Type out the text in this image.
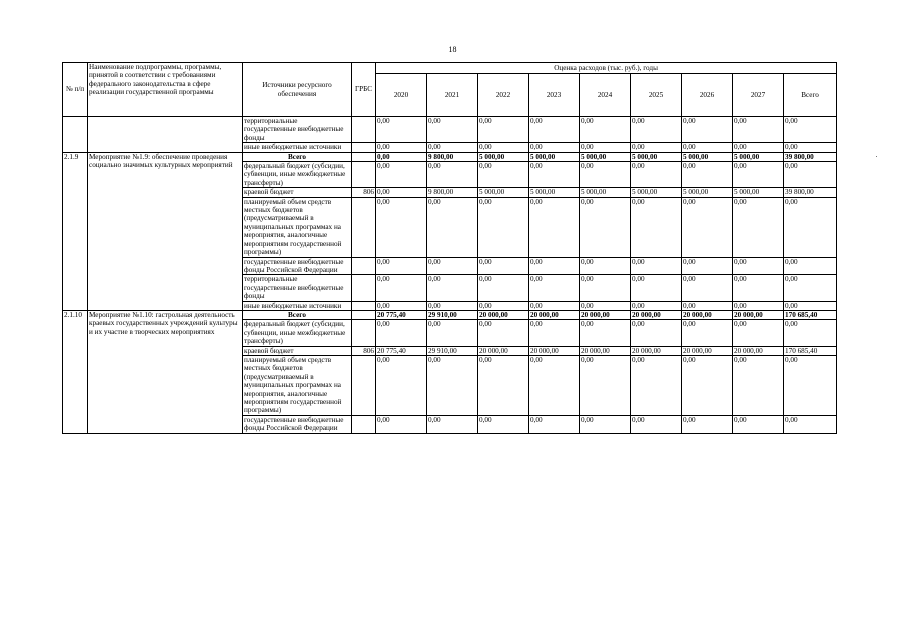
18
№ п/п	Наименование подпрограммы, программы, принятой в соответствии с требованиями федерального законодательства в сфере реализации государственной программы	Источники ресурсного обеспечения	ГРБС	Оценка расходов (тыс. руб.), годы								
				2020	2021	2022	2023	2024	2025	2026	2027	Всего
		территориальные государственные внебюджетные фонды		0,00	0,00	0,00	0,00	0,00	0,00	0,00	0,00	0,00
		иные внебюджетные источники		0,00	0,00	0,00	0,00	0,00	0,00	0,00	0,00	0,00
2.1.9	Мероприятие №1.9: обеспечение проведения социально значимых культурных мероприятий	Всего		0,00	9 800,00	5 000,00	5 000,00	5 000,00	5 000,00	5 000,00	5 000,00	39 800,00
		федеральный бюджет (субсидии, субвенции, иные межбюджетные трансферты)		0,00	0,00	0,00	0,00	0,00	0,00	0,00	0,00	0,00
		краевой бюджет	806	0,00	9 800,00	5 000,00	5 000,00	5 000,00	5 000,00	5 000,00	5 000,00	39 800,00
		планируемый объем средств местных бюджетов (предусматриваемый в муниципальных программах на мероприятия, аналогичные мероприятиям государственной программы)		0,00	0,00	0,00	0,00	0,00	0,00	0,00	0,00	0,00
		государственные внебюджетные фонды Российской Федерации		0,00	0,00	0,00	0,00	0,00	0,00	0,00	0,00	0,00
		территориальные государственные внебюджетные фонды		0,00	0,00	0,00	0,00	0,00	0,00	0,00	0,00	0,00
		иные внебюджетные источники		0,00	0,00	0,00	0,00	0,00	0,00	0,00	0,00	0,00
2.1.10	Мероприятие №1.10: гастрольная деятельность краевых государственных учреждений культуры и их участие в творческих мероприятиях	Всего		20 775,40	29 910,00	20 000,00	20 000,00	20 000,00	20 000,00	20 000,00	20 000,00	170 685,40
		федеральный бюджет (субсидии, субвенции, иные межбюджетные трансферты)		0,00	0,00	0,00	0,00	0,00	0,00	0,00	0,00	0,00
		краевой бюджет	806	20 775,40	29 910,00	20 000,00	20 000,00	20 000,00	20 000,00	20 000,00	20 000,00	170 685,40
		планируемый объем средств местных бюджетов (предусматриваемый в муниципальных программах на мероприятия, аналогичные мероприятиям государственной программы)		0,00	0,00	0,00	0,00	0,00	0,00	0,00	0,00	0,00
		государственные внебюджетные фонды Российской Федерации		0,00	0,00	0,00	0,00	0,00	0,00	0,00	0,00	0,00
